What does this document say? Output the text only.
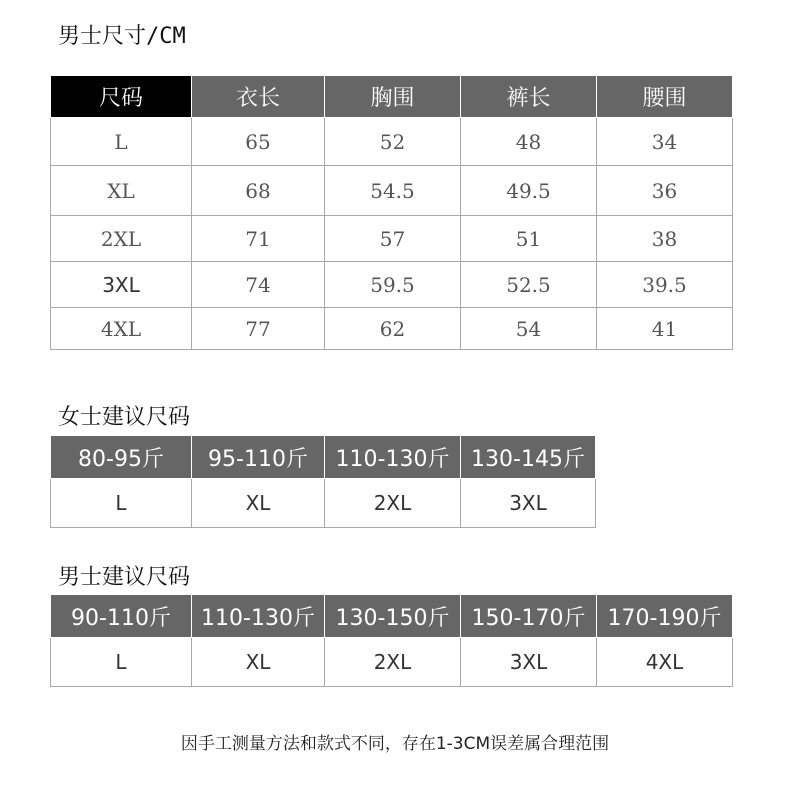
男士尺寸/CM
尺码	衣长	胸围	裤长	腰围
L	65	52	48	34
XL	68	54.5	49.5	36
2XL	71	57	51	38
3XL	74	59.5	52.5	39.5
4XL	77	62	54	41
女士建议尺码
80-95斤	95-110斤	110-130斤	130-145斤
L	XL	2XL	3XL
男士建议尺码
90-110斤	110-130斤	130-150斤	150-170斤	170-190斤
L	XL	2XL	3XL	4XL
因手工测量方法和款式不同，存在1-3CM误差属合理范围
